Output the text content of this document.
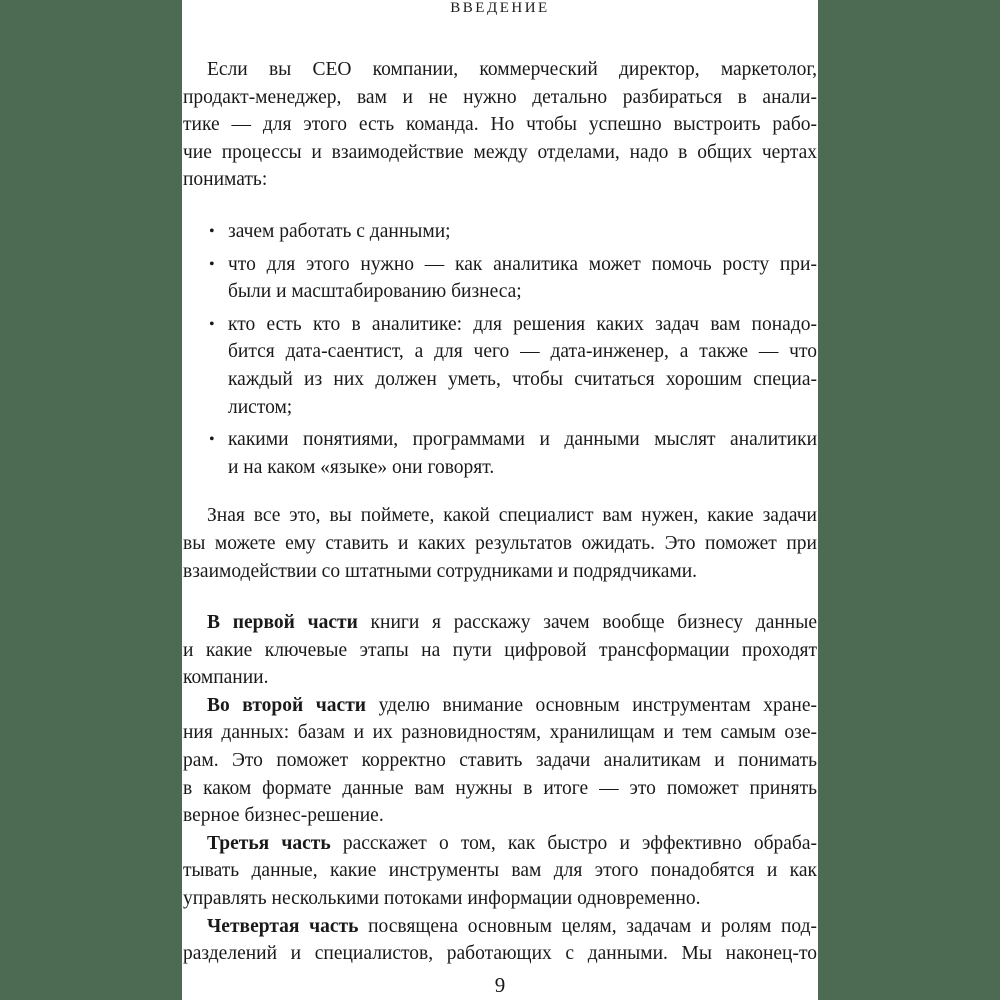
ВВЕДЕНИЕ
Если вы CEO компании, коммерческий директор, маркетолог,
продакт-менеджер, вам и не нужно детально разбираться в анали-
тике — для этого есть команда. Но чтобы успешно выстроить рабо-
чие процессы и взаимодействие между отделами, надо в общих чертах
понимать:
• зачем работать с данными;
• что для этого нужно — как аналитика может помочь росту при-
были и масштабированию бизнеса;
• кто есть кто в аналитике: для решения каких задач вам понадо-
бится дата-саентист, а для чего — дата-инженер, а также — что
каждый из них должен уметь, чтобы считаться хорошим специа-
листом;
• какими понятиями, программами и данными мыслят аналитики
и на каком «языке» они говорят.
Зная все это, вы поймете, какой специалист вам нужен, какие задачи
вы можете ему ставить и каких результатов ожидать. Это поможет при
взаимодействии со штатными сотрудниками и подрядчиками.
В первой части книги я расскажу зачем вообще бизнесу данные
и какие ключевые этапы на пути цифровой трансформации проходят
компании.
Во второй части уделю внимание основным инструментам хране-
ния данных: базам и их разновидностям, хранилищам и тем самым озе-
рам. Это поможет корректно ставить задачи аналитикам и понимать
в каком формате данные вам нужны в итоге — это поможет принять
верное бизнес-решение.
Третья часть расскажет о том, как быстро и эффективно обраба-
тывать данные, какие инструменты вам для этого понадобятся и как
управлять несколькими потоками информации одновременно.
Четвертая часть посвящена основным целям, задачам и ролям под-
разделений и специалистов, работающих с данными. Мы наконец-то
9
